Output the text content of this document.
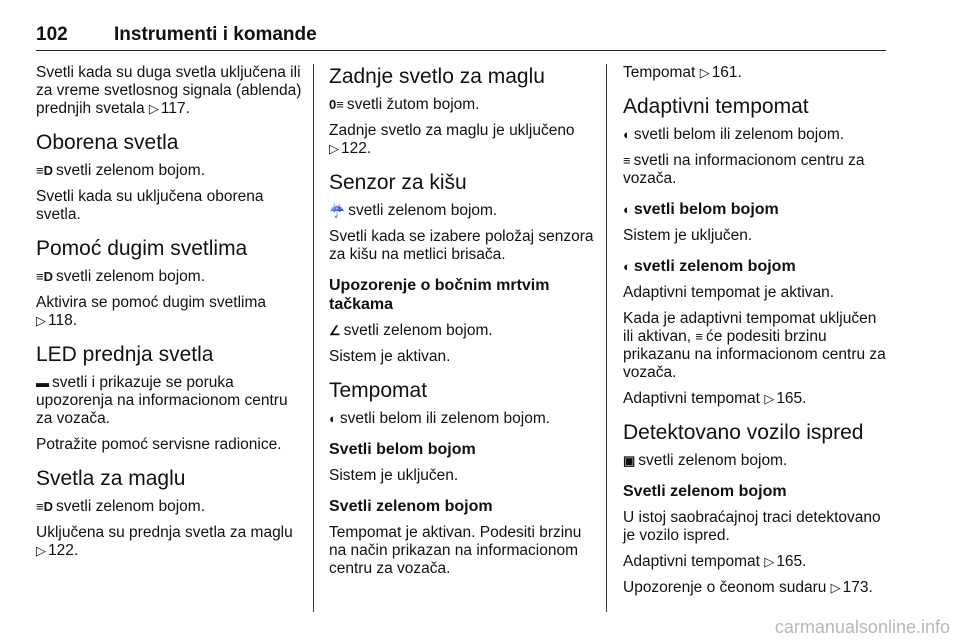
102 Instrumenti i komande

Svetli kada su duga svetla uključena ili za vreme svetlosnog signala (ablenda) prednjih svetala ▷ 117.

Oborena svetla

≡D svetli zelenom bojom.

Svetli kada su uključena oborena svetla.

Pomoć dugim svetlima

≡D svetli zelenom bojom.

Aktivira se pomoć dugim svetlima
▷ 118.

LED prednja svetla

▬ svetli i prikazuje se poruka upozorenja na informacionom centru za vozača.

Potražite pomoć servisne radionice.

Svetla za maglu

≡D svetli zelenom bojom.

Uključena su prednja svetla za maglu
▷ 122.

Zadnje svetlo za maglu

0≡ svetli žutom bojom.

Zadnje svetlo za maglu je uključeno
▷ 122.

Senzor za kišu

☔ svetli zelenom bojom.

Svetli kada se izabere položaj senzora za kišu na metlici brisača.

Upozorenje o bočnim mrtvim tačkama

∠ svetli zelenom bojom.

Sistem je aktivan.

Tempomat

◐ svetli belom ili zelenom bojom.

Svetli belom bojom

Sistem je uključen.

Svetli zelenom bojom

Tempomat je aktivan. Podesiti brzinu na način prikazan na informacionom centru za vozača.

Tempomat ▷ 161.

Adaptivni tempomat

◐ svetli belom ili zelenom bojom.

≡ svetli na informacionom centru za vozača.

◐ svetli belom bojom

Sistem je uključen.

◐ svetli zelenom bojom

Adaptivni tempomat je aktivan.

Kada je adaptivni tempomat uključen ili aktivan, ≡ će podesiti brzinu prikazanu na informacionom centru za vozača.

Adaptivni tempomat ▷ 165.

Detektovano vozilo ispred

▣ svetli zelenom bojom.

Svetli zelenom bojom

U istoj saobraćajnoj traci detektovano je vozilo ispred.

Adaptivni tempomat ▷ 165.

Upozorenje o čeonom sudaru ▷ 173.

carmanualsonline.info
